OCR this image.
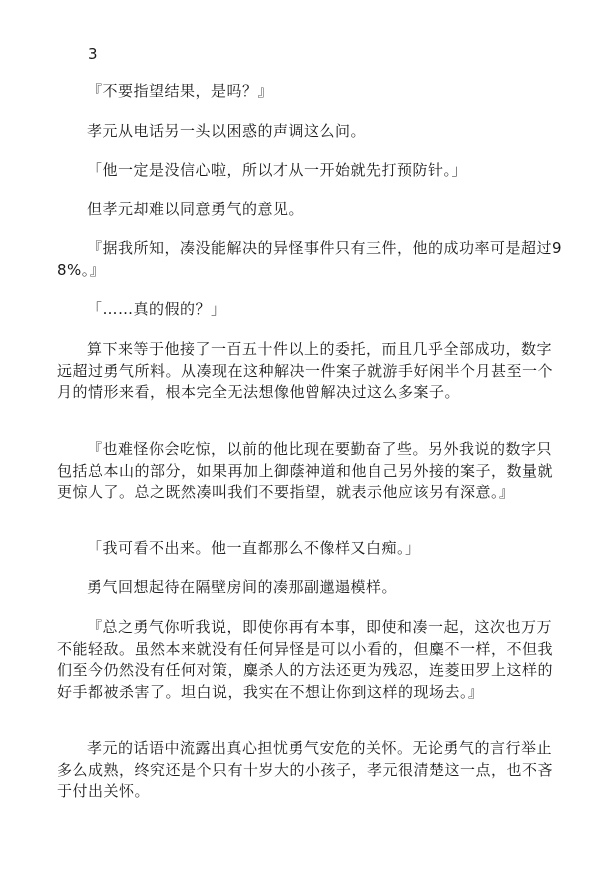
3

『不要指望结果，是吗？』

孝元从电话另一头以困惑的声调这么问。

「他一定是没信心啦，所以才从一开始就先打预防针。」

但孝元却难以同意勇气的意见。

『据我所知，凑没能解决的异怪事件只有三件，他的成功率可是超过98%。』

「……真的假的？」

算下来等于他接了一百五十件以上的委托，而且几乎全部成功，数字远超过勇气所料。从凑现在这种解决一件案子就游手好闲半个月甚至一个月的情形来看，根本完全无法想像他曾解决过这么多案子。

『也难怪你会吃惊，以前的他比现在要勤奋了些。另外我说的数字只包括总本山的部分，如果再加上御蔭神道和他自己另外接的案子，数量就更惊人了。总之既然凑叫我们不要指望，就表示他应该另有深意。』

「我可看不出来。他一直都那么不像样又白痴。」

勇气回想起待在隔壁房间的凑那副邋遢模样。

『总之勇气你听我说，即使你再有本事，即使和凑一起，这次也万万不能轻敌。虽然本来就没有任何异怪是可以小看的，但麋不一样，不但我们至今仍然没有任何对策，麋杀人的方法还更为残忍，连菱田罗上这样的好手都被杀害了。坦白说，我实在不想让你到这样的现场去。』

孝元的话语中流露出真心担忧勇气安危的关怀。无论勇气的言行举止多么成熟，终究还是个只有十岁大的小孩子，孝元很清楚这一点，也不吝于付出关怀。
